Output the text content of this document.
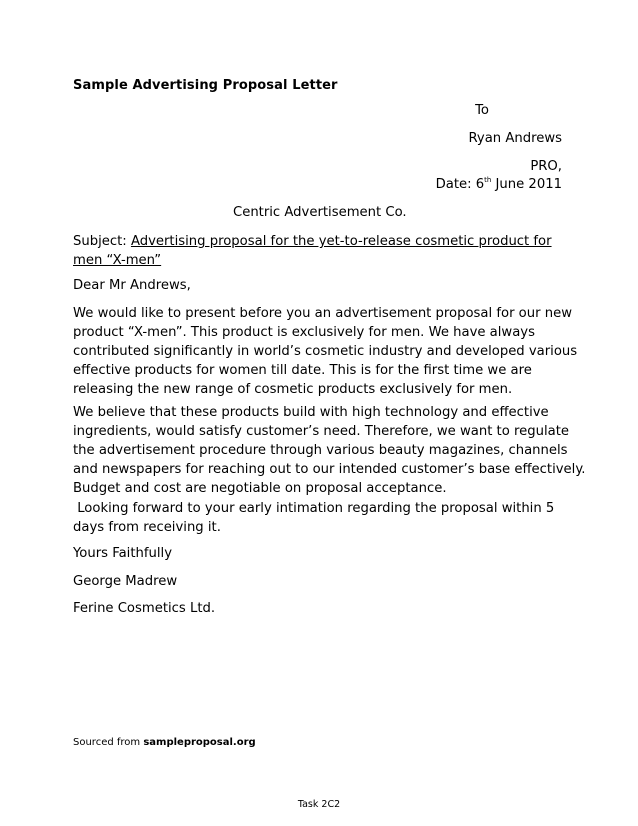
Sample Advertising Proposal Letter
To
Ryan Andrews
PRO,
Date: 6th June 2011
Centric Advertisement Co.
Subject: Advertising proposal for the yet-to-release cosmetic product for
men “X-men”
Dear Mr Andrews,
We would like to present before you an advertisement proposal for our new
product “X-men”. This product is exclusively for men. We have always
contributed significantly in world’s cosmetic industry and developed various
effective products for women till date. This is for the first time we are
releasing the new range of cosmetic products exclusively for men.
We believe that these products build with high technology and effective
ingredients, would satisfy customer’s need. Therefore, we want to regulate
the advertisement procedure through various beauty magazines, channels
and newspapers for reaching out to our intended customer’s base effectively.
Budget and cost are negotiable on proposal acceptance.
Looking forward to your early intimation regarding the proposal within 5
days from receiving it.
Yours Faithfully
George Madrew
Ferine Cosmetics Ltd.
Sourced from sampleproposal.org
Task 2C2
